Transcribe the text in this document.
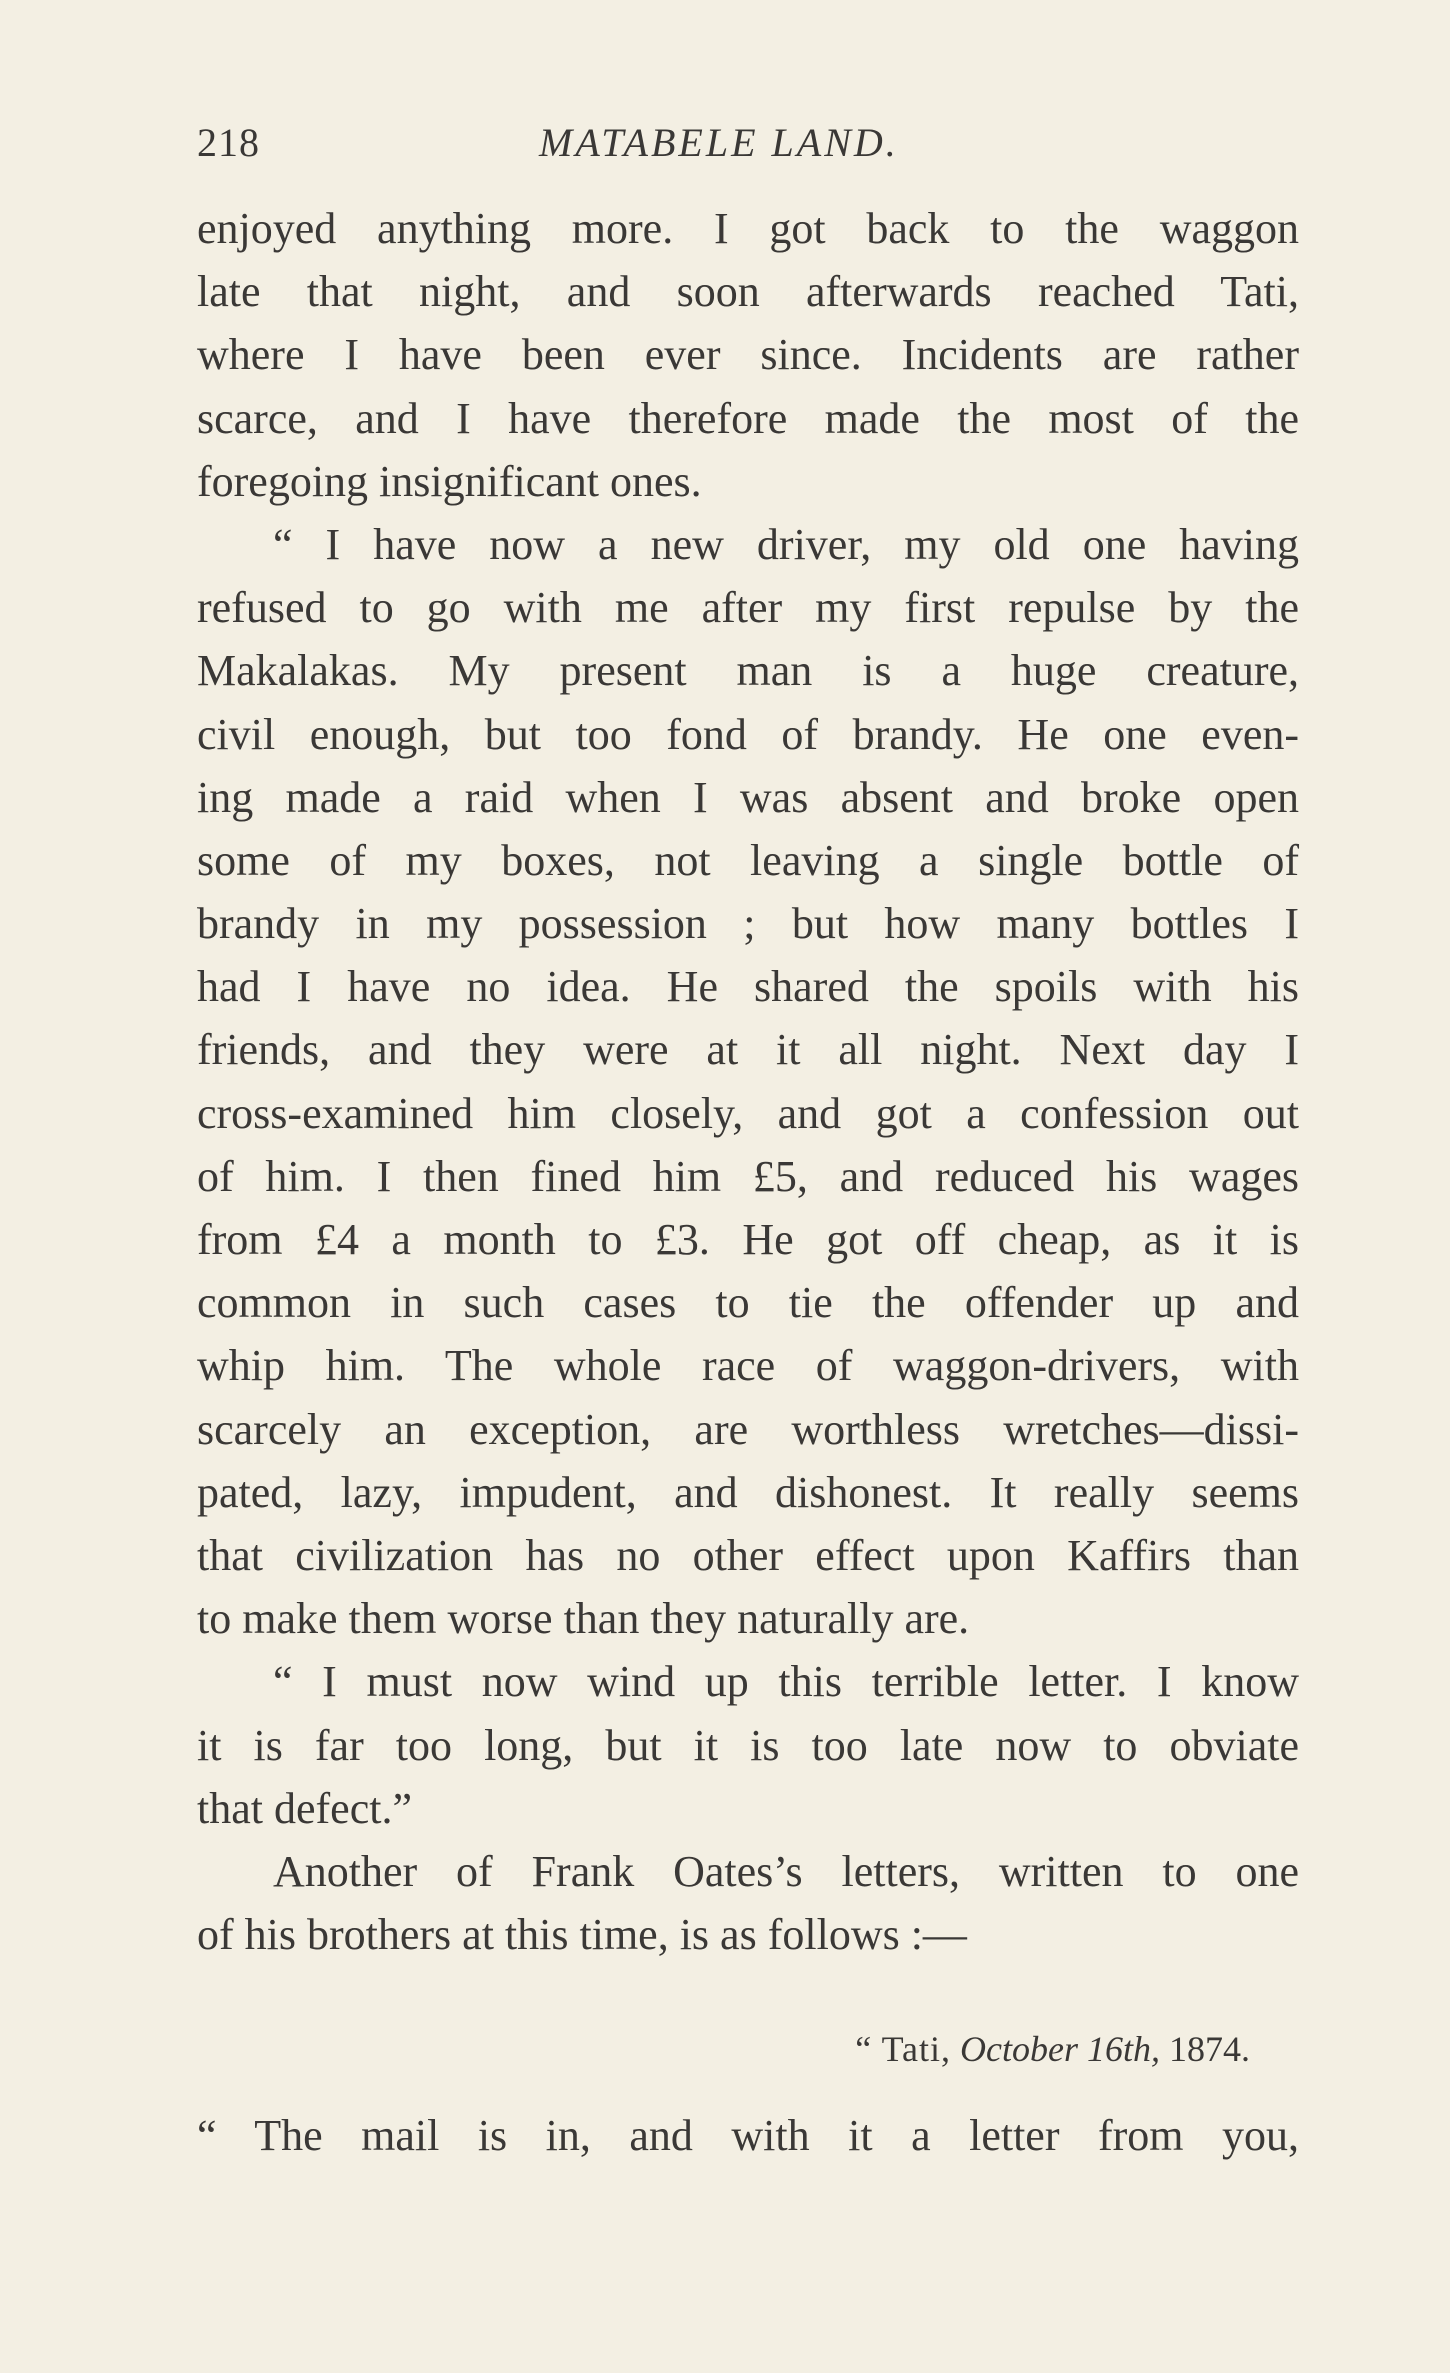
218	MATABELE LAND.
enjoyed anything more. I got back to the waggon
late that night, and soon afterwards reached Tati,
where I have been ever since. Incidents are rather
scarce, and I have therefore made the most of the
foregoing insignificant ones.
“ I have now a new driver, my old one having
refused to go with me after my first repulse by the
Makalakas. My present man is a huge creature,
civil enough, but too fond of brandy. He one even-
ing made a raid when I was absent and broke open
some of my boxes, not leaving a single bottle of
brandy in my possession ; but how many bottles I
had I have no idea. He shared the spoils with his
friends, and they were at it all night. Next day I
cross-examined him closely, and got a confession out
of him. I then fined him £5, and reduced his wages
from £4 a month to £3. He got off cheap, as it is
common in such cases to tie the offender up and
whip him. The whole race of waggon-drivers, with
scarcely an exception, are worthless wretches—dissi-
pated, lazy, impudent, and dishonest. It really seems
that civilization has no other effect upon Kaffirs than
to make them worse than they naturally are.
“ I must now wind up this terrible letter. I know
it is far too long, but it is too late now to obviate
that defect.”
Another of Frank Oates’s letters, written to one
of his brothers at this time, is as follows :—
“ Tati, October 16th, 1874.
“ The mail is in, and with it a letter from you,
